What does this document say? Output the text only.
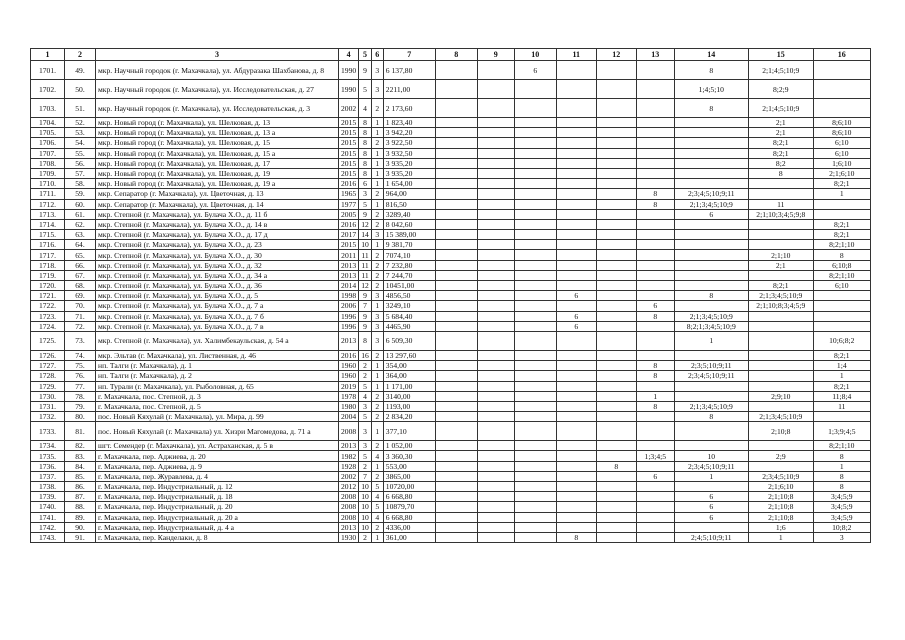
1	2	3	4	5	6	7	8	9	10	11	12	13	14	15	16
1701.	49.	мкр. Научный городок (г. Махачкала), ул. Абдуразака Шахбанова, д. 8	1990	9	3	6 137,80			6				8	2;1;4;5;10;9	
1702.	50.	мкр. Научный городок (г. Махачкала), ул. Исследовательская, д. 27	1990	5	3	2211,00							1;4;5;10	8;2;9	
1703.	51.	мкр. Научный городок (г. Махачкала), ул. Исследовательская, д. 3	2002	4	2	2 173,60							8	2;1;4;5;10;9	
1704.	52.	мкр. Новый город (г. Махачкала), ул. Шелковая, д. 13	2015	8	1	1 823,40								2;1	8;6;10
1705.	53.	мкр. Новый город (г. Махачкала), ул. Шелковая, д. 13 а	2015	8	1	3 942,20								2;1	8;6;10
1706.	54.	мкр. Новый город (г. Махачкала), ул. Шелковая, д. 15	2015	8	2	3 922,50								8;2;1	6;10
1707.	55.	мкр. Новый город (г. Махачкала), ул. Шелковая, д. 15 а	2015	8	1	3 932,50								8;2;1	6;10
1708.	56.	мкр. Новый город (г. Махачкала), ул. Шелковая, д. 17	2015	8	1	3 935,20								8;2	1;6;10
1709.	57.	мкр. Новый город (г. Махачкала), ул. Шелковая, д. 19	2015	8	1	3 935,20								8	2;1;6;10
1710.	58.	мкр. Новый город (г. Махачкала), ул. Шелковая, д. 19 а	2016	6	1	1 654,00									8;2;1
1711.	59.	мкр. Сепаратор (г. Махачкала), ул. Цветочная, д. 13	1965	3	2	964,00						8	2;3;4;5;10;9;11		1
1712.	60.	мкр. Сепаратор (г. Махачкала), ул. Цветочная, д. 14	1977	5	1	816,50						8	2;1;3;4;5;10;9	11	
1713.	61.	мкр. Степной (г. Махачкала), ул. Булача Х.О., д. 11 б	2005	9	2	3289,40							6	2;1;10;3;4;5;9;8	
1714.	62.	мкр. Степной (г. Махачкала), ул. Булача Х.О., д. 14 в	2016	12	2	8 042,60									8;2;1
1715.	63.	мкр. Степной (г. Махачкала), ул. Булача Х.О., д. 17 д	2017	14	3	15 389,00									8;2;1
1716.	64.	мкр. Степной (г. Махачкала), ул. Булача Х.О., д. 23	2015	10	1	9 381,70									8;2;1;10
1717.	65.	мкр. Степной (г. Махачкала), ул. Булача Х.О., д. 30	2011	11	2	7074,10								2;1;10	8
1718.	66.	мкр. Степной (г. Махачкала), ул. Булача Х.О., д. 32	2013	11	2	7 232,80								2;1	6;10;8
1719.	67.	мкр. Степной (г. Махачкала), ул. Булача Х.О., д. 34 а	2013	11	2	7 244,70									8;2;1;10
1720.	68.	мкр. Степной (г. Махачкала), ул. Булача Х.О., д. 36	2014	12	2	10451,00								8;2;1	6;10
1721.	69.	мкр. Степной (г. Махачкала), ул. Булача Х.О., д. 5	1998	9	3	4856,50				6			8	2;1;3;4;5;10;9	
1722.	70.	мкр. Степной (г. Махачкала), ул. Булача Х.О., д. 7 а	2006	7	1	3249,10						6		2;1;10;8;3;4;5;9	
1723.	71.	мкр. Степной (г. Махачкала), ул. Булача Х.О., д. 7 б	1996	9	3	5 684,40				6		8	2;1;3;4;5;10;9		
1724.	72.	мкр. Степной (г. Махачкала), ул. Булача Х.О., д. 7 в	1996	9	3	4465,90				6			8;2;1;3;4;5;10;9		
1725.	73.	мкр. Степной (г. Махачкала), ул. Халимбекаульская, д. 54 а	2013	8	3	6 509,30							1		10;6;8;2
1726.	74.	мкр. Эльтав (г. Махачкала), ул. Лиственная, д. 46	2016	16	2	13 297,60									8;2;1
1727.	75.	нп. Талги (г. Махачкала), д. 1	1960	2	1	354,00						8	2;3;5;10;9;11		1;4
1728.	76.	нп. Талги (г. Махачкала), д. 2	1960	2	1	364,00						8	2;3;4;5;10;9;11		1
1729.	77.	нп. Турали (г. Махачкала), ул. Рыболовная, д. 65	2019	5	1	1 171,00									8;2;1
1730.	78.	г. Махачкала, пос. Степной, д. 3	1978	4	2	3140,00						1		2;9;10	11;8;4
1731.	79.	г. Махачкала, пос. Степной, д. 5	1980	3	2	1193,00						8	2;1;3;4;5;10;9		11
1732.	80.	пос. Новый Кяхулай (г. Махачкала), ул. Мира, д. 99	2004	5	2	2 834,20							8	2;1;3;4;5;10;9	
1733.	81.	пос. Новый Кяхулай (г. Махачкала) ул. Хизри Магомедова, д. 71 а	2008	3	1	377,10								2;10;8	1;3;9;4;5
1734.	82.	шгт. Семендер (г. Махачкала), ул. Астраханская, д. 5 в	2013	3	2	1 052,00									8;2;1;10
1735.	83.	г. Махачкала, пер. Аджиева, д. 20	1982	5	4	3 360,30						1;3;4;5	10	2;9	8
1736.	84.	г. Махачкала, пер. Аджиева, д. 9	1928	2	1	553,00					8		2;3;4;5;10;9;11		1
1737.	85.	г. Махачкала, пер. Журавлева, д. 4	2002	7	2	3865,00						6	1	2;3;4;5;10;9	8
1738.	86.	г. Махачкала, пер. Индустриальный, д. 12	2012	10	5	10720,00								2;1;6;10	8
1739.	87.	г. Махачкала, пер. Индустриальный, д. 18	2008	10	4	6 668,80							6	2;1;10;8	3;4;5;9
1740.	88.	г. Махачкала, пер. Индустриальный, д. 20	2008	10	5	10879,70							6	2;1;10;8	3;4;5;9
1741.	89.	г. Махачкала, пер. Индустриальный, д. 20 а	2008	10	4	6 668,80							6	2;1;10;8	3;4;5;9
1742.	90.	г. Махачкала, пер. Индустриальный, д. 4 а	2013	10	2	4336,00								1;6	10;8;2
1743.	91.	г. Махачкала, пер. Канделаки, д. 8	1930	2	1	361,00				8			2;4;5;10;9;11	1	3
